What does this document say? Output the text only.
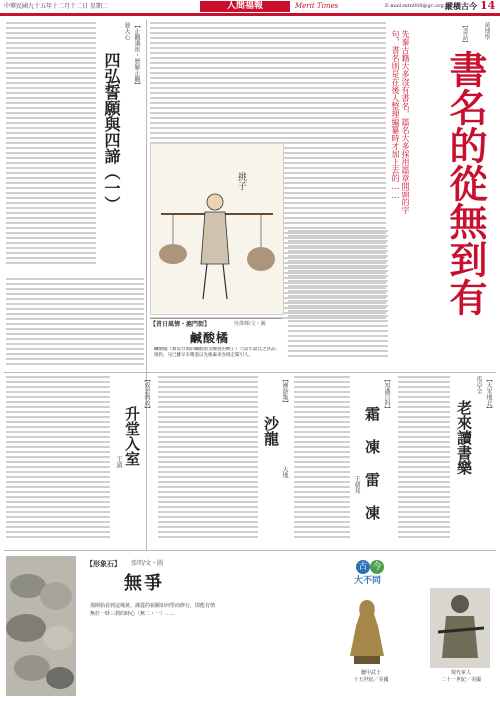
中華民國九十五年十二月十二日 星期二	人間福報	Merit Times	E-mail:mtn008@gc.org.tw
縱橫古今 14
【書話】	黃博學
書名的從無到有
先秦古籍大多沒有書名，篇名大多採用篇章開頭的字句，書名則是在後人整理編纂時才加上去的……
挑子
【昔日風情・滬門街】	吳偉輝/文・圖
鹹酸橘
鹹酸橘（類似台灣的鹹酸甜及醃製的橄子）乃當年最佳之食品，挑扔，兄已雖早未嚐過以先後棄來卷挑走聞引人。
【止觀講座・歷解止觀】
發大心
四弘誓願與四諦（一）
【成語典故】
升堂入室
王鴻
【園游集】
沙龍
大地
【知識百科】
霜 凍 雷 凍
王朝邦
【大宋地北】
馬卓全
老來讀書樂
【形象石】 張明/文・圖
無爭
那開始看到這塊黃，謹從的祝願如何學而修行，即能有情無於一時三剎的時心（無二・一）……
古 今
大不同
臘甲武士
十五世紀／美國
現代軍人
二十一世紀／美國
